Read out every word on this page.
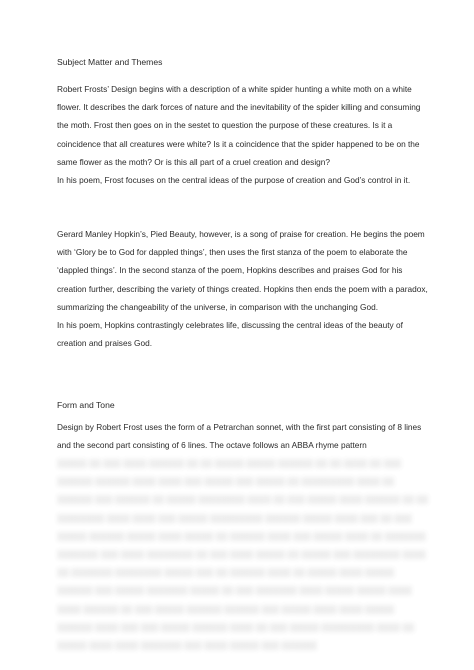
Subject Matter and Themes
Robert Frosts’ Design begins with a description of a white spider hunting a white moth on a white flower. It describes the dark forces of nature and the inevitability of the spider killing and consuming the moth. Frost then goes on in the sestet to question the purpose of these creatures. Is it a coincidence that all creatures were white? Is it a coincidence that the spider happened to be on the same flower as the moth? Or is this all part of a cruel creation and design?
In his poem, Frost focuses on the central ideas of the purpose of creation and God’s control in it.
Gerard Manley Hopkin’s, Pied Beauty, however, is a song of praise for creation. He begins the poem with ‘Glory be to God for dappled things’, then uses the first stanza of the poem to elaborate the ‘dappled things’. In the second stanza of the poem, Hopkins describes and praises God for his creation further, describing the variety of things created. Hopkins then ends the poem with a paradox, summarizing the changeability of the universe, in comparison with the unchanging God.
In his poem, Hopkins contrastingly celebrates life, discussing the central ideas of the beauty of creation and praises God.
Form and Tone
Design by Robert Frost uses the form of a Petrarchan sonnet, with the first part consisting of 8 lines and the second part consisting of 6 lines. The octave follows an ABBA rhyme pattern
░░░░░ ░░ ░░░ ░░░░ ░░░░░░ ░░ ░░ ░░░░░ ░░░░░ ░░░░░░ ░░ ░░ ░░░░ ░░ ░░░ ░░░░░░ ░░░░░░ ░░░░ ░░░░ ░░░ ░░░░░ ░░░ ░░░░░ ░░ ░░░░░░░░░ ░░░░ ░░ ░░░░░░ ░░░ ░░░░░░ ░░ ░░░░░ ░░░░░░░░ ░░░░ ░░ ░░░ ░░░░░ ░░░░ ░░░░░░ ░░ ░░ ░░░░░░░░ ░░░░ ░░░░ ░░░ ░░░░░ ░░░░░░░░░ ░░░░░░ ░░░░░ ░░░░ ░░░ ░░ ░░░ ░░░░░ ░░░░░░ ░░░░░ ░░░░ ░░░░░ ░░ ░░░░░░ ░░░░ ░░░ ░░░░░ ░░░░ ░░ ░░░░░░░ ░░░░░░░ ░░░ ░░░░ ░░░░░░░░ ░░ ░░░ ░░░░ ░░░░░ ░░ ░░░░░ ░░░ ░░░░░░░░ ░░░░ ░░ ░░░░░░░ ░░░░░░░░ ░░░░░ ░░░ ░░ ░░░░░░ ░░░░ ░░ ░░░░░ ░░░░ ░░░░░ ░░░░░░ ░░░ ░░░░░ ░░░░░░░ ░░░░░ ░░ ░░░ ░░░░░░░ ░░░░ ░░░░░ ░░░░░ ░░░░ ░░░░ ░░░░░░ ░░ ░░░ ░░░░░ ░░░░░░ ░░░░░░ ░░░ ░░░░░ ░░░░ ░░░░ ░░░░░ ░░░░░░ ░░░░ ░░░ ░░░ ░░░░░ ░░░░░░ ░░░░ ░░ ░░░ ░░░░░ ░░░░░░░░░ ░░░░ ░░ ░░░░░ ░░░░ ░░░░ ░░░░░░░ ░░░ ░░░░ ░░░░░ ░░░ ░░░░░░
